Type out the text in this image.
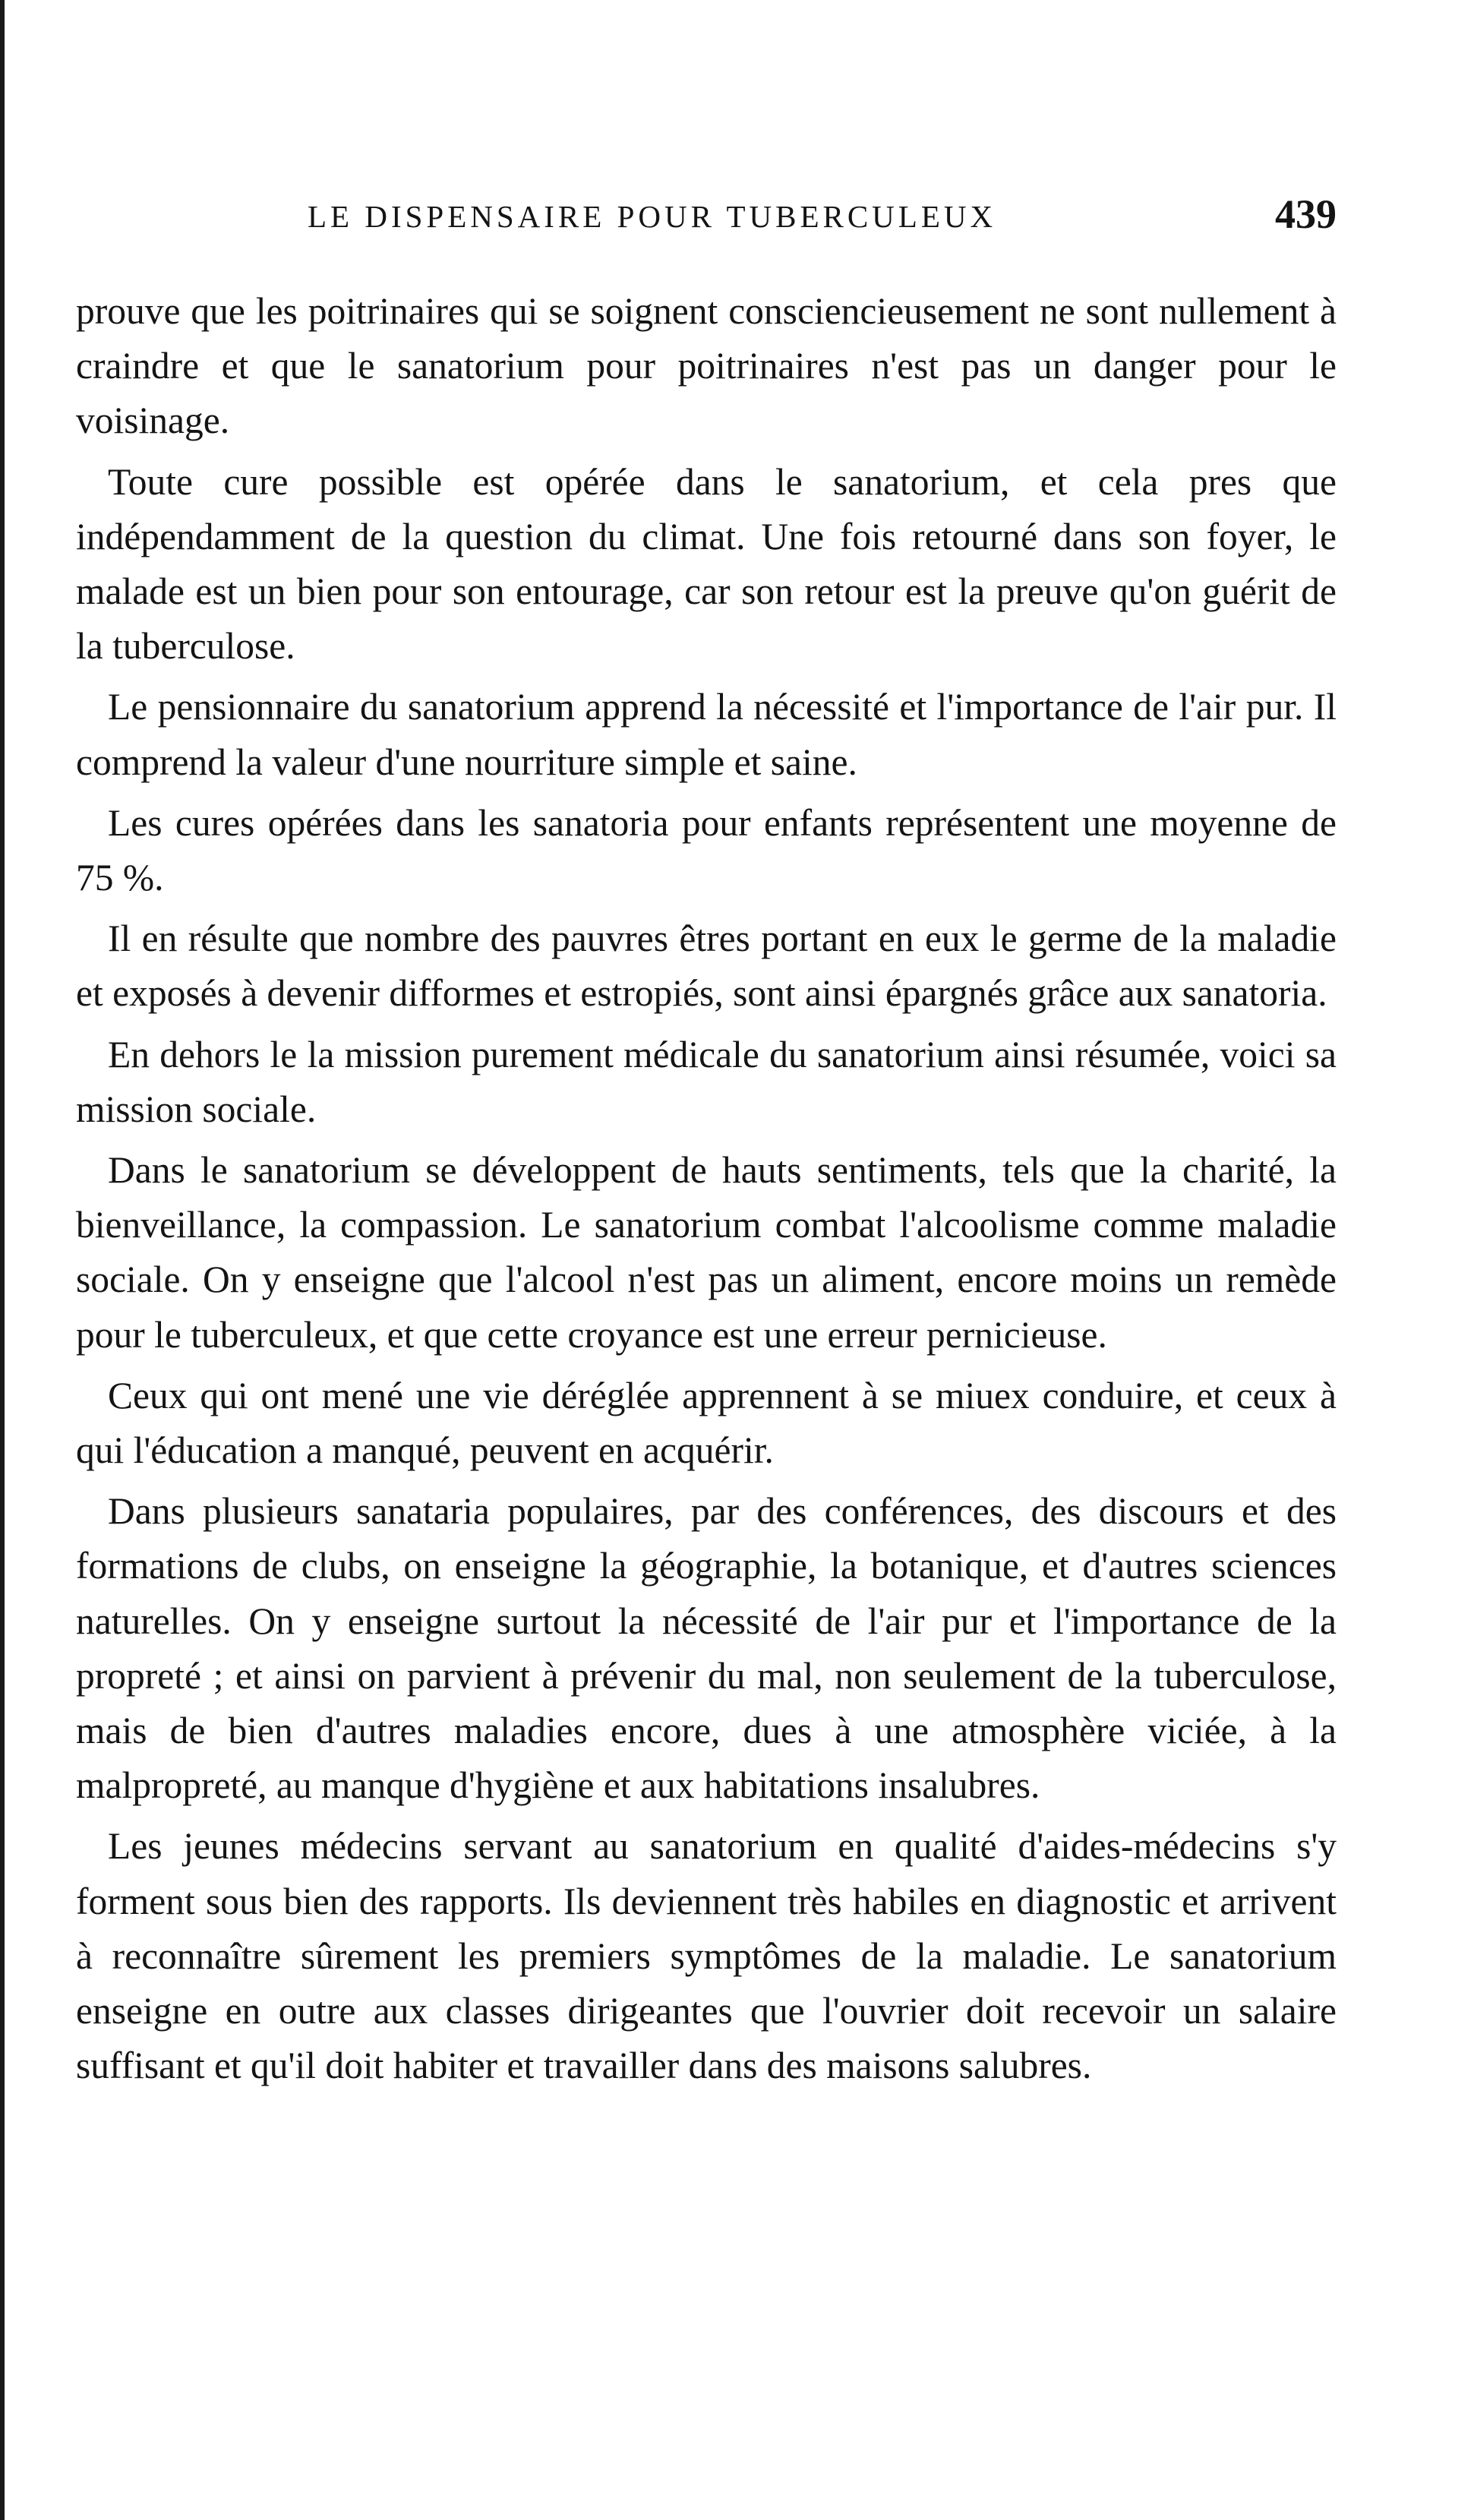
LE DISPENSAIRE POUR TUBERCULEUX	439

prouve que les poitrinaires qui se soignent consciencieusement ne sont nullement à craindre et que le sanatorium pour poitrinaires n'est pas un danger pour le voisinage.

Toute cure possible est opérée dans le sanatorium, et cela pres que indépendamment de la question du climat. Une fois retourné dans son foyer, le malade est un bien pour son entourage, car son retour est la preuve qu'on guérit de la tuberculose.

Le pensionnaire du sanatorium apprend la nécessité et l'importance de l'air pur. Il comprend la valeur d'une nourriture simple et saine.

Les cures opérées dans les sanatoria pour enfants représentent une moyenne de 75 %.

Il en résulte que nombre des pauvres êtres portant en eux le germe de la maladie et exposés à devenir difformes et estropiés, sont ainsi épargnés grâce aux sanatoria.

En dehors le la mission purement médicale du sanatorium ainsi résumée, voici sa mission sociale.

Dans le sanatorium se développent de hauts sentiments, tels que la charité, la bienveillance, la compassion. Le sanatorium combat l'alcoolisme comme maladie sociale. On y enseigne que l'alcool n'est pas un aliment, encore moins un remède pour le tuberculeux, et que cette croyance est une erreur pernicieuse.

Ceux qui ont mené une vie déréglée apprennent à se miuex conduire, et ceux à qui l'éducation a manqué, peuvent en acquérir.

Dans plusieurs sanataria populaires, par des conférences, des discours et des formations de clubs, on enseigne la géographie, la botanique, et d'autres sciences naturelles. On y enseigne surtout la nécessité de l'air pur et l'importance de la propreté ; et ainsi on parvient à prévenir du mal, non seulement de la tuberculose, mais de bien d'autres maladies encore, dues à une atmosphère viciée, à la malpropreté, au manque d'hygiène et aux habitations insalubres.

Les jeunes médecins servant au sanatorium en qualité d'aides-médecins s'y forment sous bien des rapports. Ils deviennent très habiles en diagnostic et arrivent à reconnaître sûrement les premiers symptômes de la maladie. Le sanatorium enseigne en outre aux classes dirigeantes que l'ouvrier doit recevoir un salaire suffisant et qu'il doit habiter et travailler dans des maisons salubres.
